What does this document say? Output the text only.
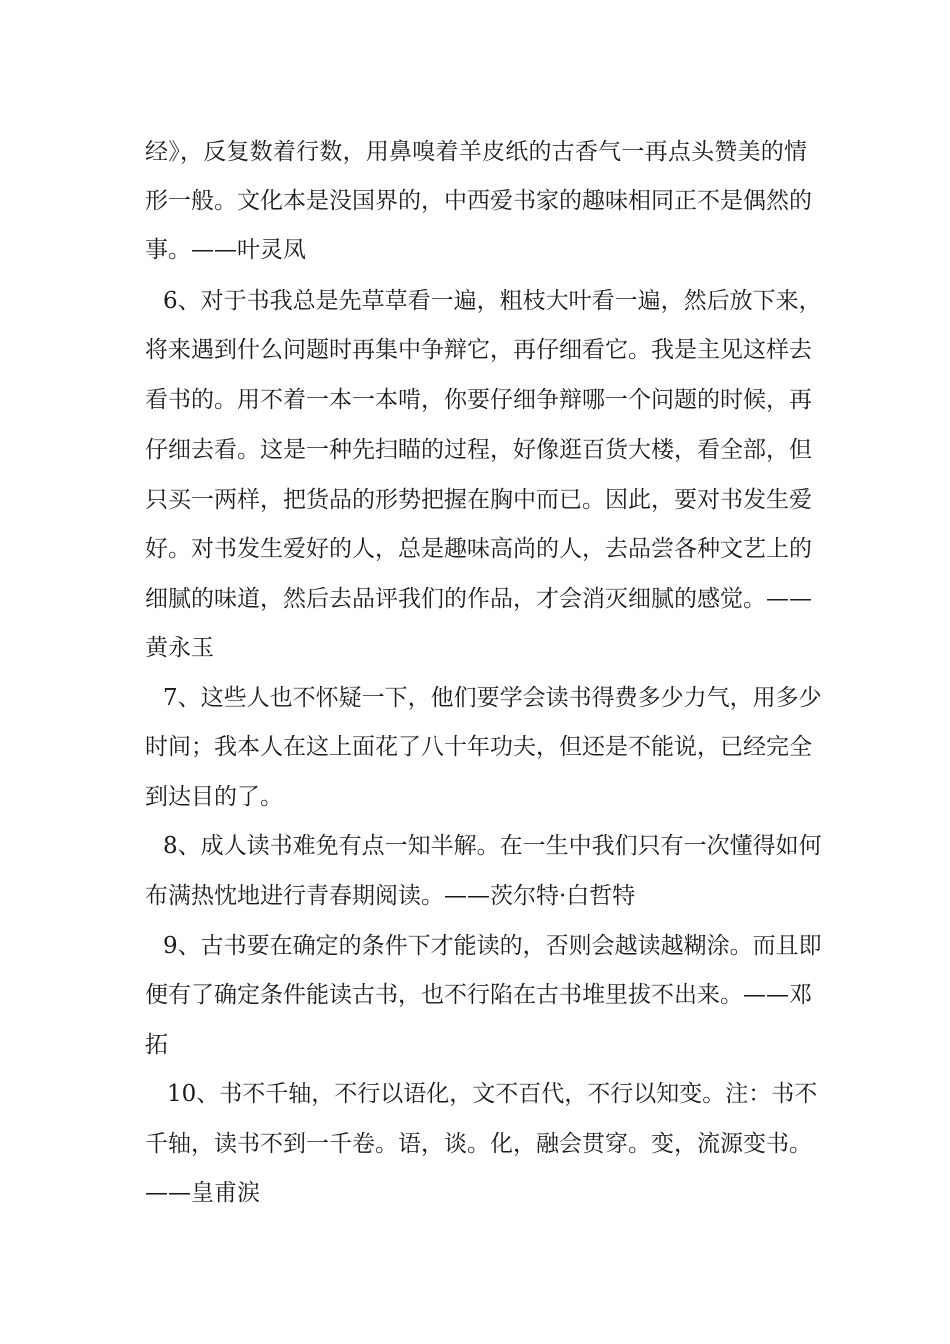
经》，反复数着行数，用鼻嗅着羊皮纸的古香气一再点头赞美的情
形一般。文化本是没国界的，中西爱书家的趣味相同正不是偶然的
事。——叶灵凤
6、对于书我总是先草草看一遍，粗枝大叶看一遍，然后放下来，
将来遇到什么问题时再集中争辩它，再仔细看它。我是主见这样去
看书的。用不着一本一本啃，你要仔细争辩哪一个问题的时候，再
仔细去看。这是一种先扫瞄的过程，好像逛百货大楼，看全部，但
只买一两样，把货品的形势把握在胸中而已。因此，要对书发生爱
好。对书发生爱好的人，总是趣味高尚的人，去品尝各种文艺上的
细腻的味道，然后去品评我们的作品，才会消灭细腻的感觉。——
黄永玉
7、这些人也不怀疑一下，他们要学会读书得费多少力气，用多少
时间；我本人在这上面花了八十年功夫，但还是不能说，已经完全
到达目的了。
8、成人读书难免有点一知半解。在一生中我们只有一次懂得如何
布满热忱地进行青春期阅读。——茨尔特·白哲特
9、古书要在确定的条件下才能读的，否则会越读越糊涂。而且即
便有了确定条件能读古书，也不行陷在古书堆里拔不出来。——邓
拓
10、书不千轴，不行以语化，文不百代，不行以知变。注：书不
千轴，读书不到一千卷。语，谈。化，融会贯穿。变，流源变书。
——皇甫涙
